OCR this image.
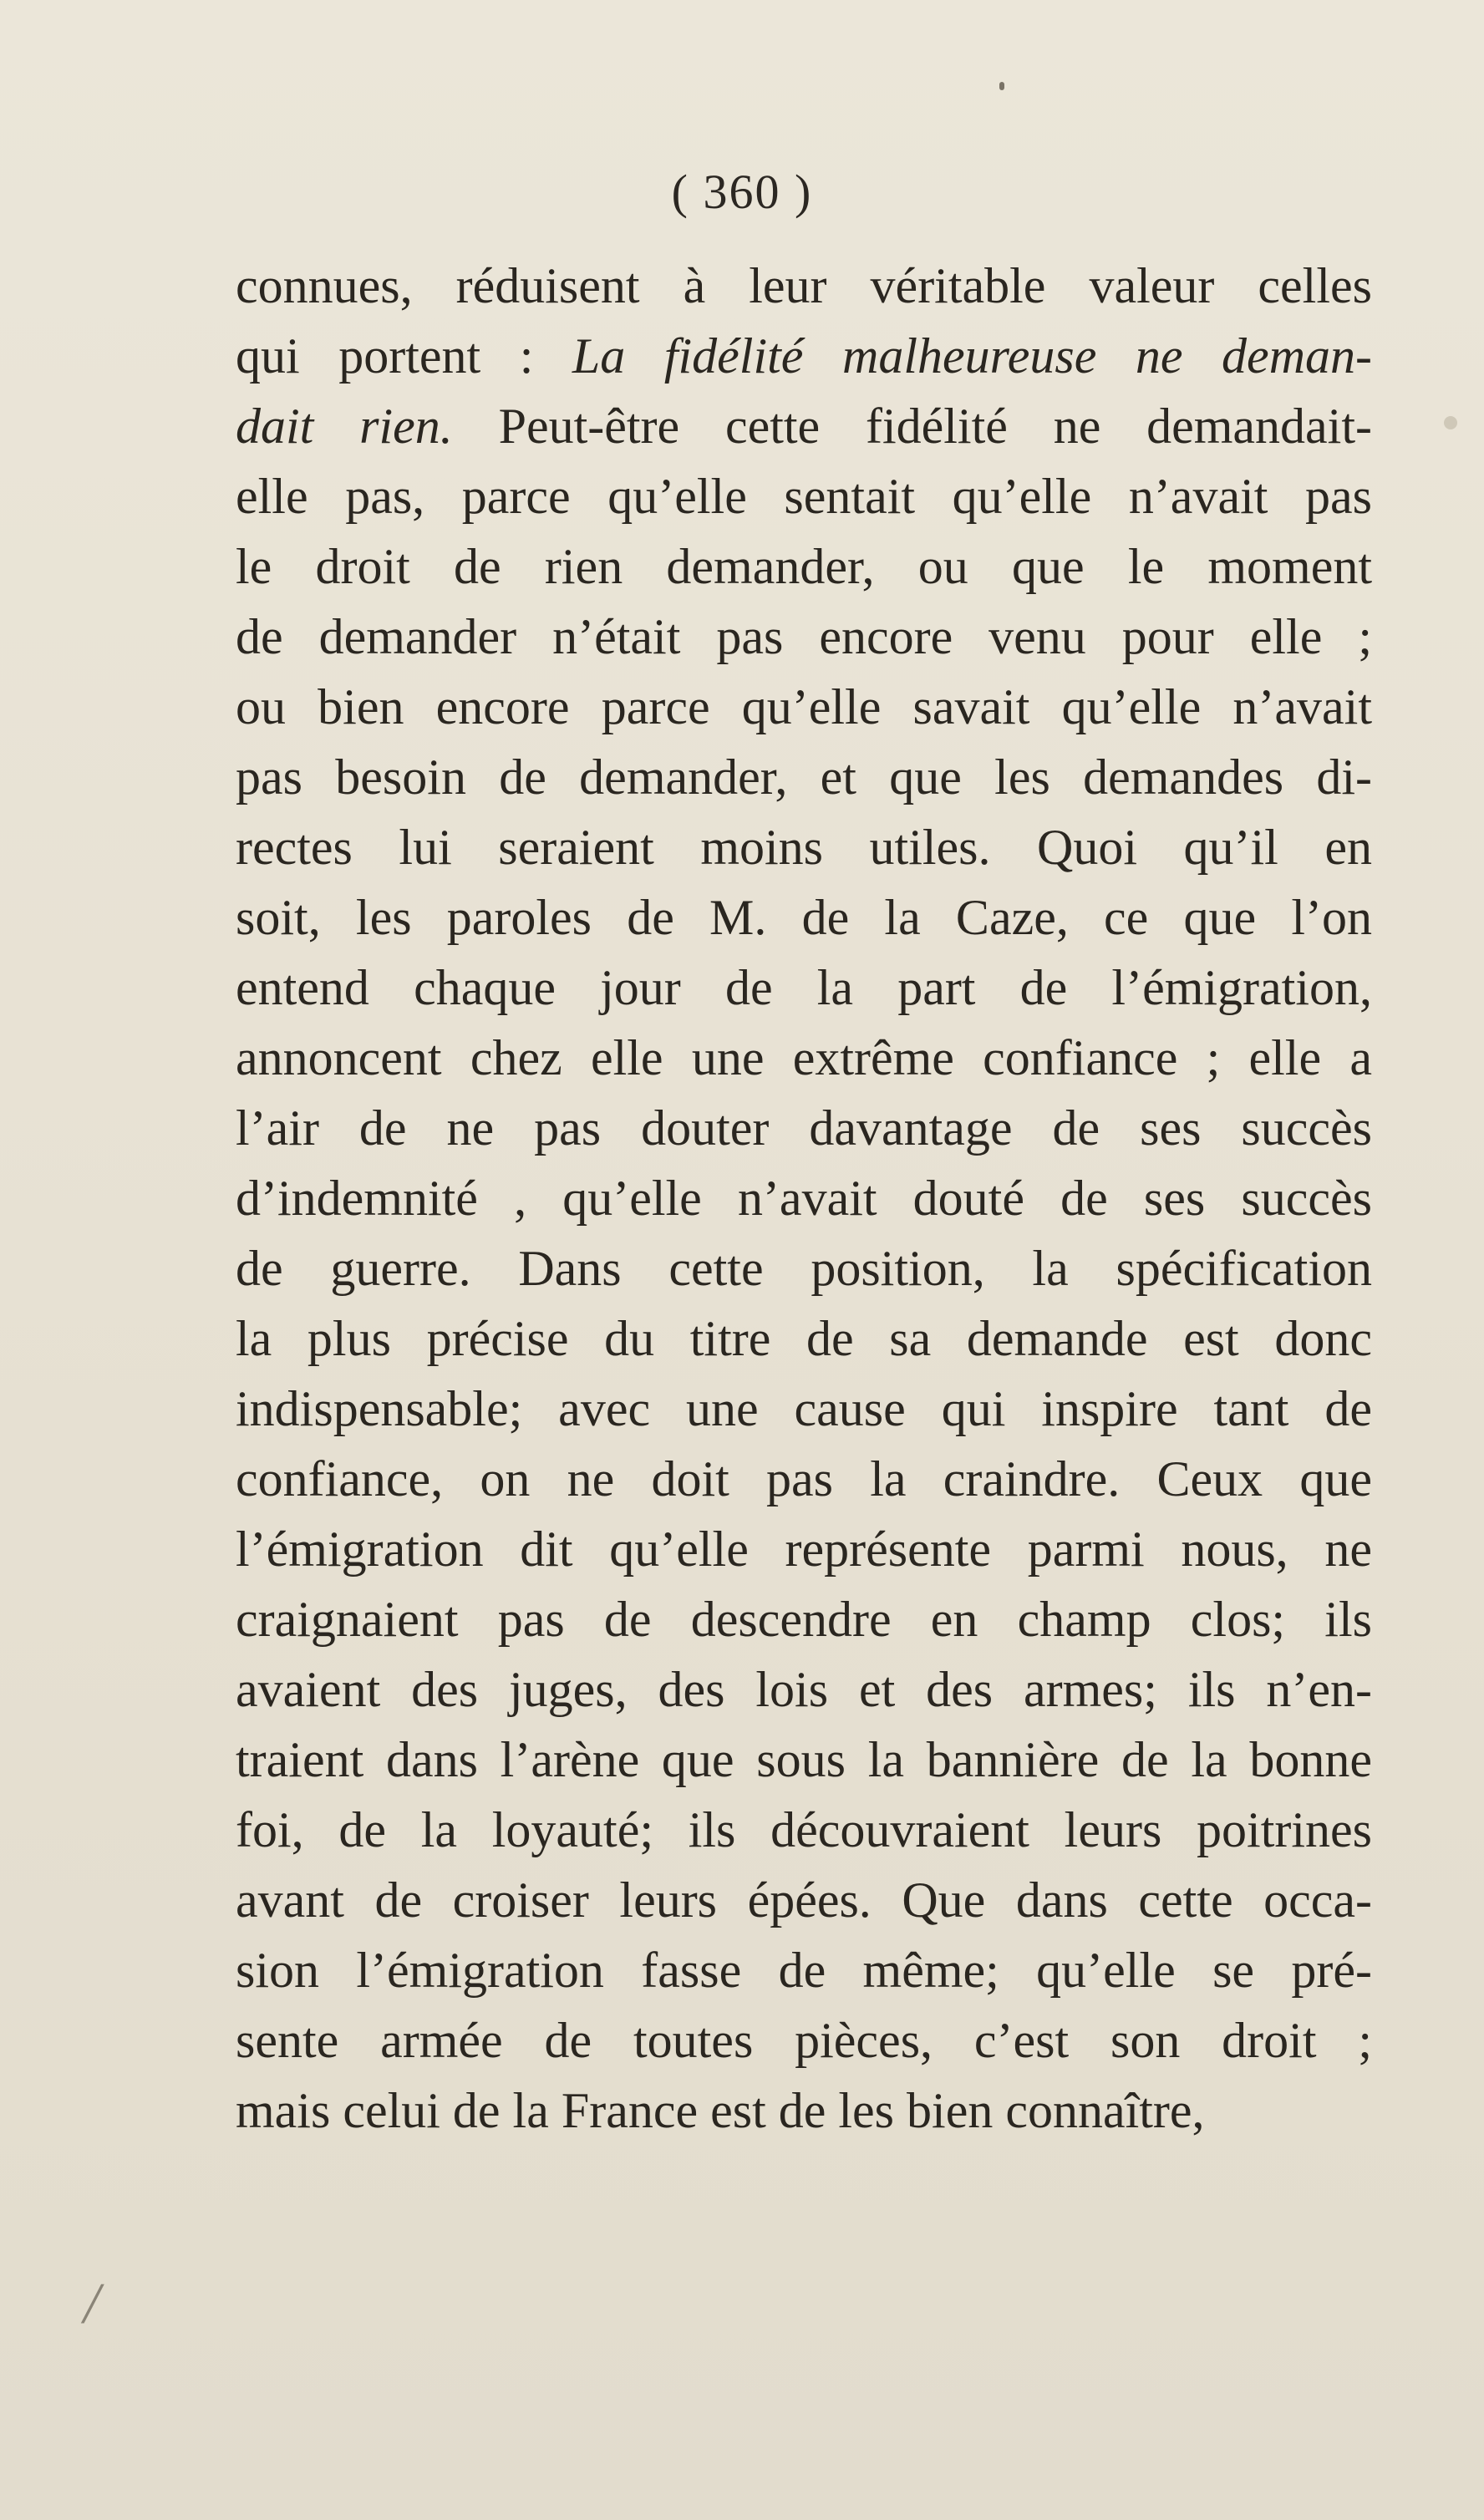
( 360 )
connues, réduisent à leur véritable valeur celles
qui portent : La fidélité malheureuse ne deman-
dait rien. Peut-être cette fidélité ne demandait-
elle pas, parce qu’elle sentait qu’elle n’avait pas
le droit de rien demander, ou que le moment
de demander n’était pas encore venu pour elle ;
ou bien encore parce qu’elle savait qu’elle n’avait
pas besoin de demander, et que les demandes di-
rectes lui seraient moins utiles. Quoi qu’il en
soit, les paroles de M. de la Caze, ce que l’on
entend chaque jour de la part de l’émigration,
annoncent chez elle une extrême confiance ; elle a
l’air de ne pas douter davantage de ses succès
d’indemnité , qu’elle n’avait douté de ses succès
de guerre. Dans cette position, la spécification
la plus précise du titre de sa demande est donc
indispensable; avec une cause qui inspire tant de
confiance, on ne doit pas la craindre. Ceux que
l’émigration dit qu’elle représente parmi nous, ne
craignaient pas de descendre en champ clos; ils
avaient des juges, des lois et des armes; ils n’en-
traient dans l’arène que sous la bannière de la bonne
foi, de la loyauté; ils découvraient leurs poitrines
avant de croiser leurs épées. Que dans cette occa-
sion l’émigration fasse de même; qu’elle se pré-
sente armée de toutes pièces, c’est son droit ;
mais celui de la France est de les bien connaître,
/
